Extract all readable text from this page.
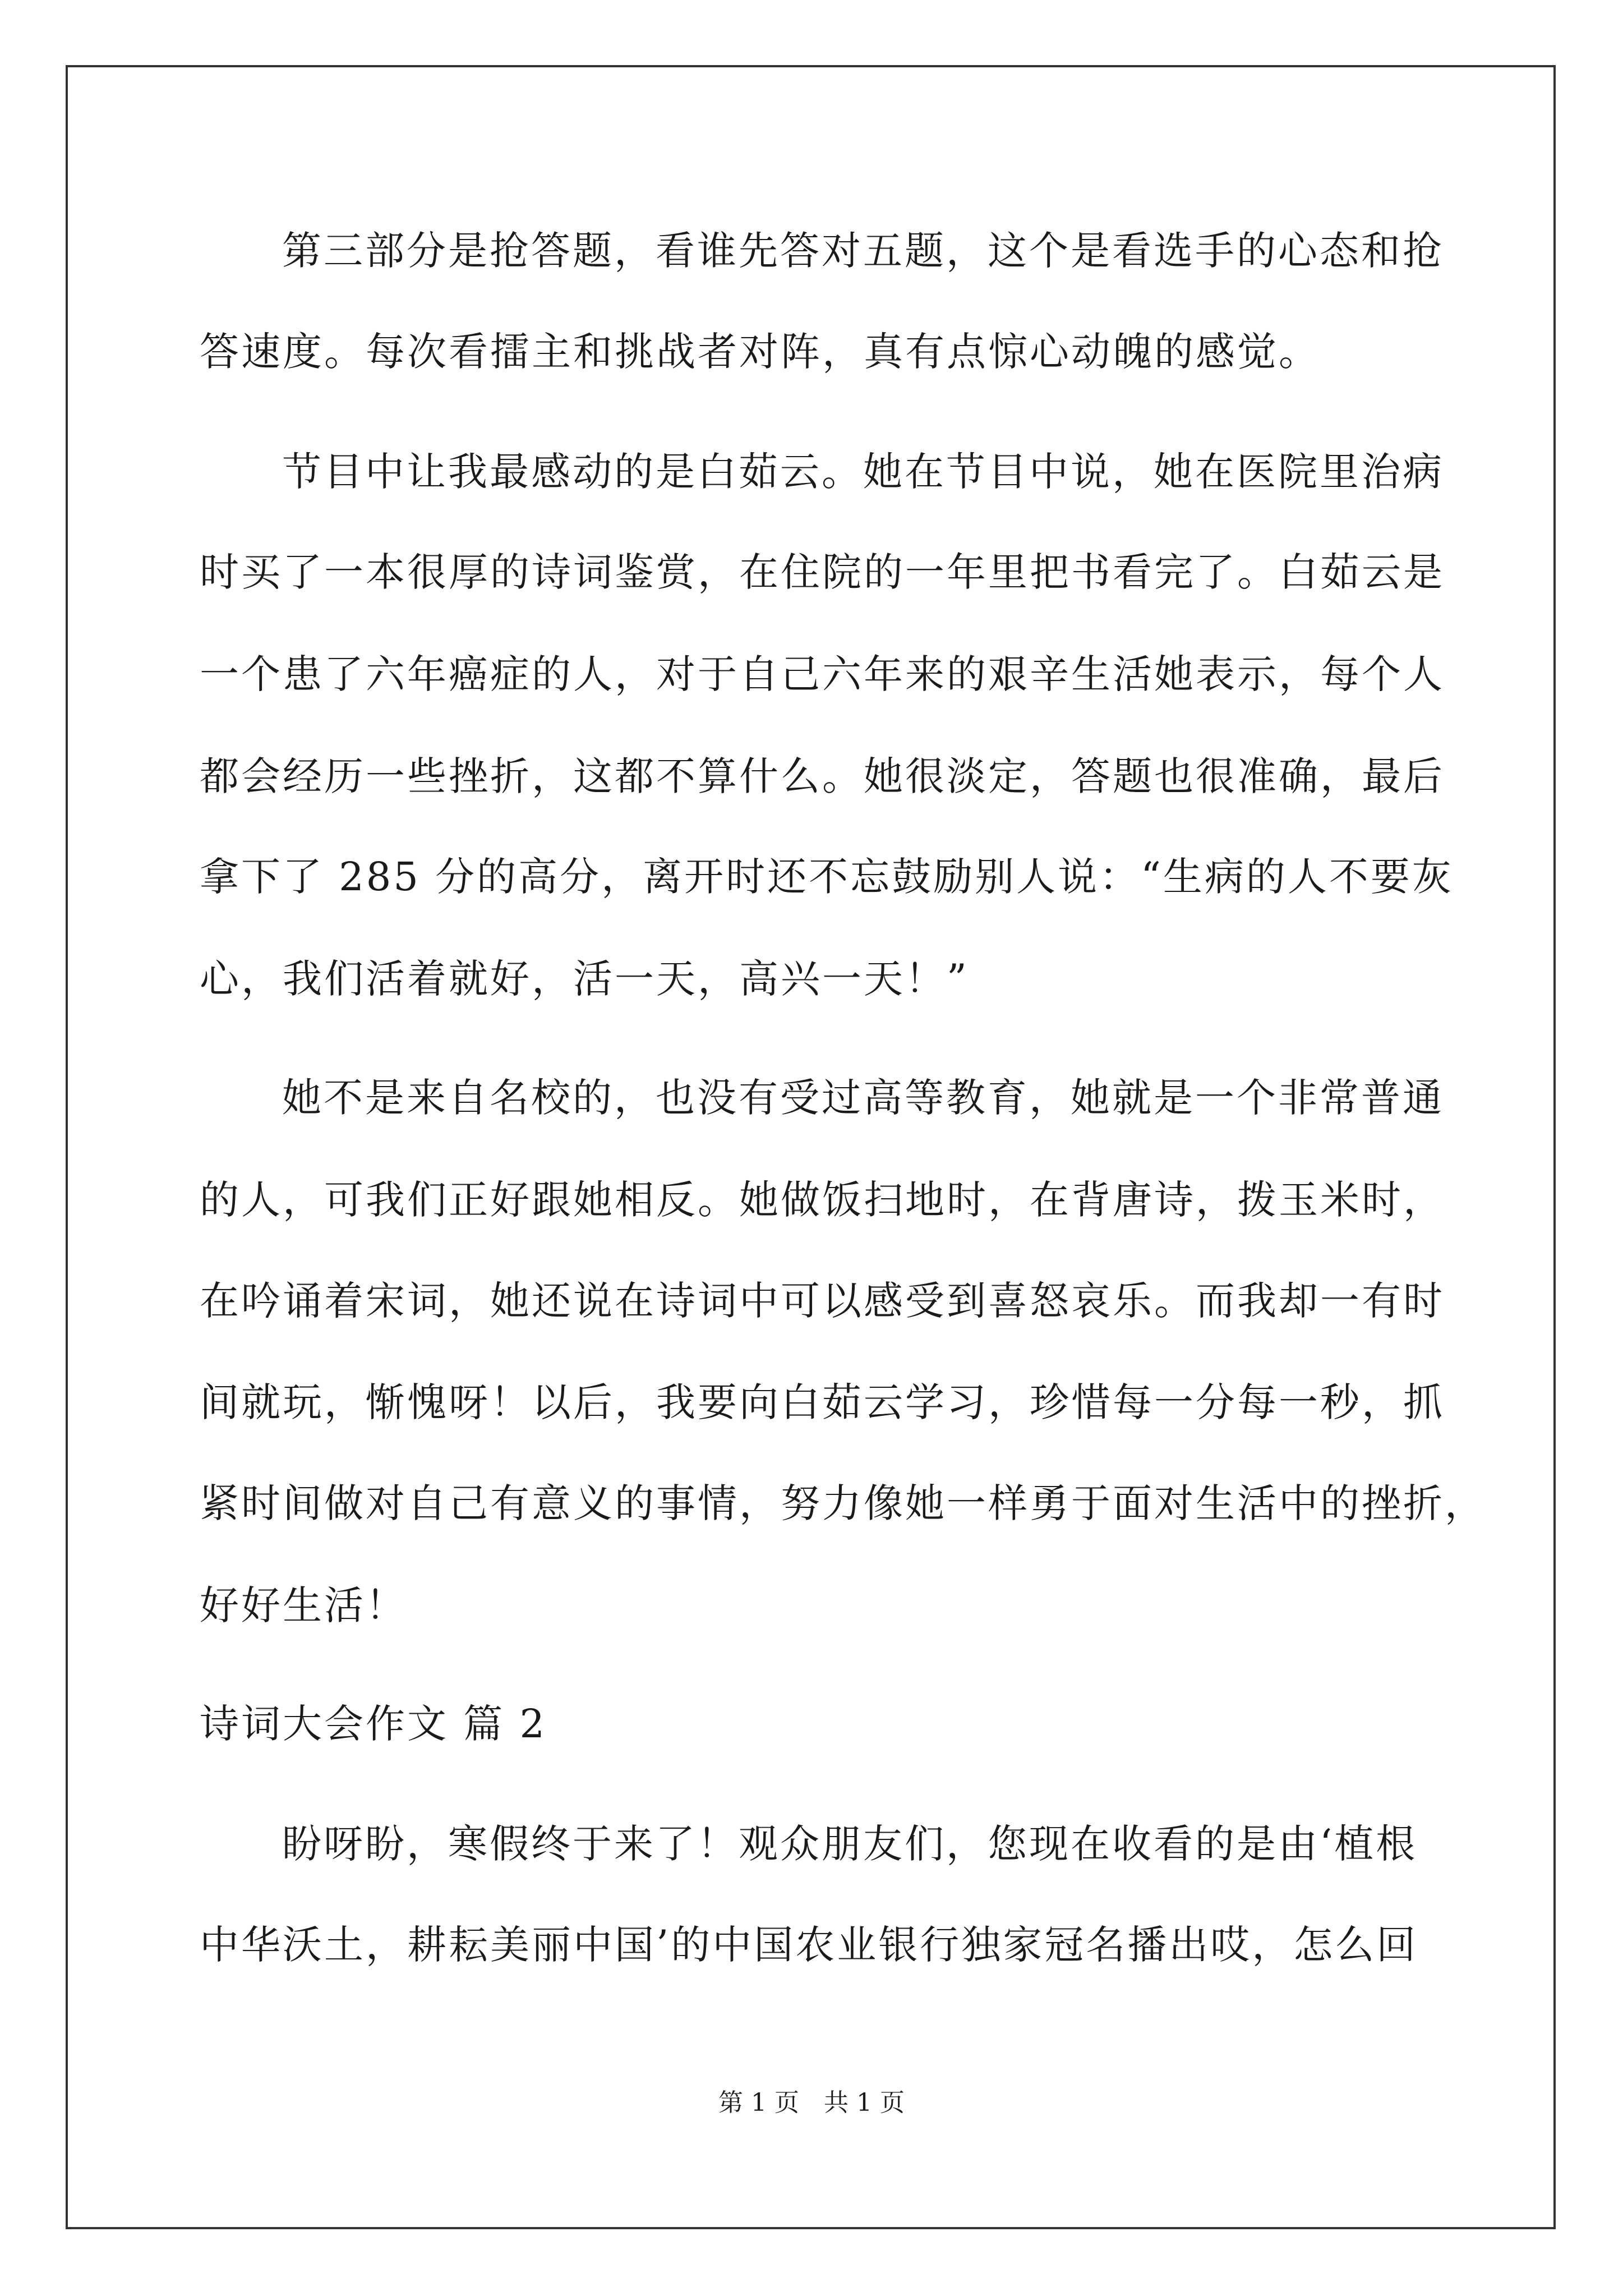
第三部分是抢答题，看谁先答对五题，这个是看选手的心态和抢
答速度。每次看擂主和挑战者对阵，真有点惊心动魄的感觉。
节目中让我最感动的是白茹云。她在节目中说，她在医院里治病
时买了一本很厚的诗词鉴赏，在住院的一年里把书看完了。白茹云是
一个患了六年癌症的人，对于自己六年来的艰辛生活她表示，每个人
都会经历一些挫折，这都不算什么。她很淡定，答题也很准确，最后
拿下了 285 分的高分，离开时还不忘鼓励别人说：“生病的人不要灰
心，我们活着就好，活一天，高兴一天！”
她不是来自名校的，也没有受过高等教育，她就是一个非常普通
的人，可我们正好跟她相反。她做饭扫地时，在背唐诗，拨玉米时，
在吟诵着宋词，她还说在诗词中可以感受到喜怒哀乐。而我却一有时
间就玩，惭愧呀！以后，我要向白茹云学习，珍惜每一分每一秒，抓
紧时间做对自己有意义的事情，努力像她一样勇于面对生活中的挫折，
好好生活！
诗词大会作文 篇 2
盼呀盼，寒假终于来了！观众朋友们，您现在收看的是由‘植根
中华沃土，耕耘美丽中国’的中国农业银行独家冠名播出哎，怎么回
第 1 页　共 1 页
